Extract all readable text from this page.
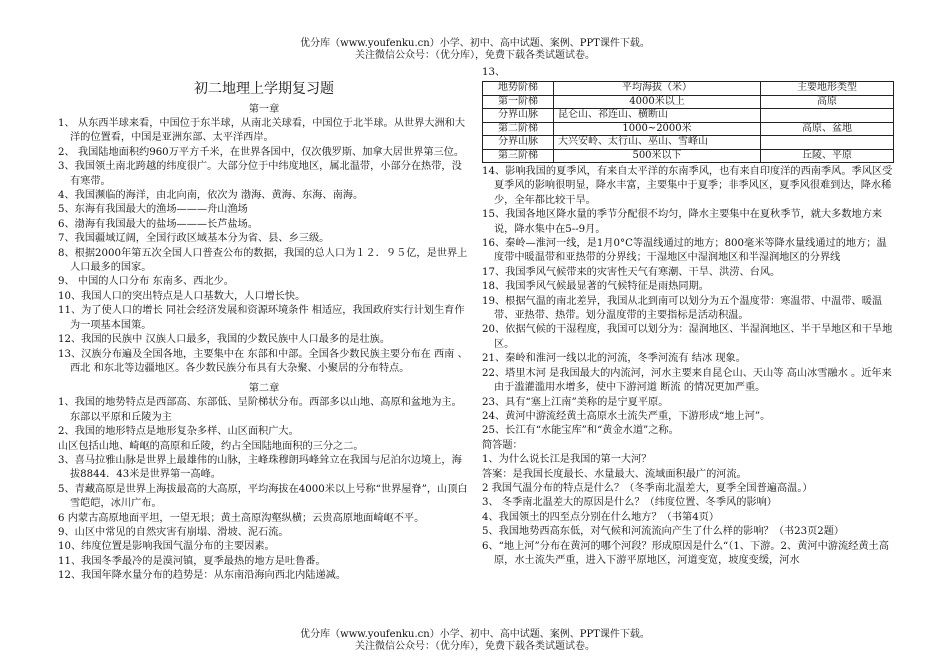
优分库（www.youfenku.cn）小学、初中、高中试题、案例、PPT课件下载。
关注微信公众号：（优分库），免费下载各类试题试卷。

初二地理上学期复习题

第一章

1、 从东西半球来看，中国位于东半球，从南北关球看，中国位于北半球。从世界大洲和大洋的位置看，中国是亚洲东部、太平洋西岸。

2、 我国陆地面积约960万平方千米，在世界各国中，仅次俄罗斯、加拿大居世界第三位。

3、我国领土南北跨越的纬度很广。大部分位于中纬度地区，属北温带，小部分在热带，没有寒带。

4、我国濒临的海洋，由北向南，依次为 渤海、黄海、东海、南海。

5、东海有我国最大的渔场———舟山渔场

6、渤海有我国最大的盐场———长芦盐场。

7、我国疆域辽阔，全国行政区域基本分为省、县、乡三级。

8、根据2000年第五次全国人口普查公布的数据，我国的总人口为１２．９５亿，是世界上人口最多的国家。

9、 中国的人口分布 东南多、西北少。

10、我国人口的突出特点是人口基数大，人口增长快。

11、为了使人口的增长 同社会经济发展和资源环境条件 相适应，我国政府实行计划生育作为一项基本国策。

12、我国的民族中 汉族人口最多，我国的少数民族中人口最多的是壮族。

13、汉族分布遍及全国各地，主要集中在 东部和中部。全国各少数民族主要分布在 西南 、西北 和东北等边疆地区。各少数民族分布具有大杂聚、小聚居的分布特点。

第二章

1、我国的地势特点是西部高、东部低、呈阶梯状分布。西部多以山地、高原和盆地为主。东部以平原和丘陵为主

2、我国的地形特点是地形复杂多样、山区面积广大。

山区包括山地、崎岖的高原和丘陵，约占全国陆地面积的三分之二。

3、喜马拉雅山脉是世界上最雄伟的山脉，主峰珠穆朗玛峰耸立在我国与尼泊尔边境上，海拔8844．43米是世界第一高峰。

5、青藏高原是世界上海拔最高的大高原，平均海拔在4000米以上号称“世界屋脊”，山顶白雪皑皑，冰川广布。

6 内蒙古高原地面平坦，一望无垠；黄土高原沟壑纵横；云贵高原地面崎岖不平。

9、山区中常见的自然灾害有崩塌、滑坡、泥石流。

10、纬度位置是影响我国气温分布的主要因素。

11、我国冬季最冷的是漠河镇，夏季最热的地方是吐鲁番。

12、我国年降水量分布的趋势是：从东南沿海向西北内陆递减。

13、

地势阶梯	平均海拔（米）	主要地形类型
第一阶梯	4000米以上	高原
分界山脉	昆仑山、祁连山、横断山	
第二阶梯	1000~2000米	高原、盆地
分界山脉	大兴安岭、太行山、巫山、雪峰山	
第三阶梯	500米以下	丘陵、平原

14、影响我国的夏季风，有来自太平洋的东南季风，也有来自印度洋的西南季风。季风区受夏季风的影响很明显，降水丰富，主要集中于夏季；非季风区，夏季风很难到达，降水稀少，全年都比较干旱。

15、我国各地区降水量的季节分配很不均匀，降水主要集中在夏秋季节，就大多数地方来说，降水集中在5--9月。

16、秦岭—淮河一线，是1月0°C等温线通过的地方；800毫米等降水量线通过的地方；温度带中暖温带和亚热带的分界线；干湿地区中湿润地区和半湿润地区的分界线

17、我国季风气候带来的灾害性天气有寒潮、干旱、洪涝、台风。

18、我国季风气候最显著的气候特征是雨热同期。

19、根据气温的南北差异，我国从北到南可以划分为五个温度带：寒温带、中温带、暖温带、亚热带、热带。划分温度带的主要指标是活动积温。

20、依据气候的干湿程度，我国可以划分为：湿润地区、半湿润地区、半干旱地区和干旱地区。

21、秦岭和淮河一线以北的河流，冬季河流有 结冰 现象。

22、塔里木河 是我国最大的内流河，河水主要来自昆仑山、天山等 高山冰雪融水 。近年来由于滥灌滥用水增多，使中下游河道 断流 的情况更加严重。

23、具有“塞上江南”美称的是宁夏平原。

24、黄河中游流经黄土高原水土流失严重，下游形成“地上河”。

25、长江有“水能宝库”和“黄金水道”之称。

简答题：

1、为什么说长江是我国的第一大河？

答案：是我国长度最长、水量最大、流域面积最广的河流。

2 我国气温分布的特点是什么？（冬季南北温差大，夏季全国普遍高温。）

3、 冬季南北温差大的原因是什么？（纬度位置、冬季风的影响）

4、我国领土的四至点分别在什么地方？（书第4页）

5、我国地势西高东低，对气候和河流流向产生了什么样的影响？（书23页2题）

6、“地上河”分布在黄河的哪个河段？形成原因是什么“（1、下游。2、黄河中游流经黄土高原，水土流失严重，进入下游平原地区，河道变宽，坡度变缓，河水

优分库（www.youfenku.cn）小学、初中、高中试题、案例、PPT课件下载。
关注微信公众号：（优分库），免费下载各类试题试卷。
